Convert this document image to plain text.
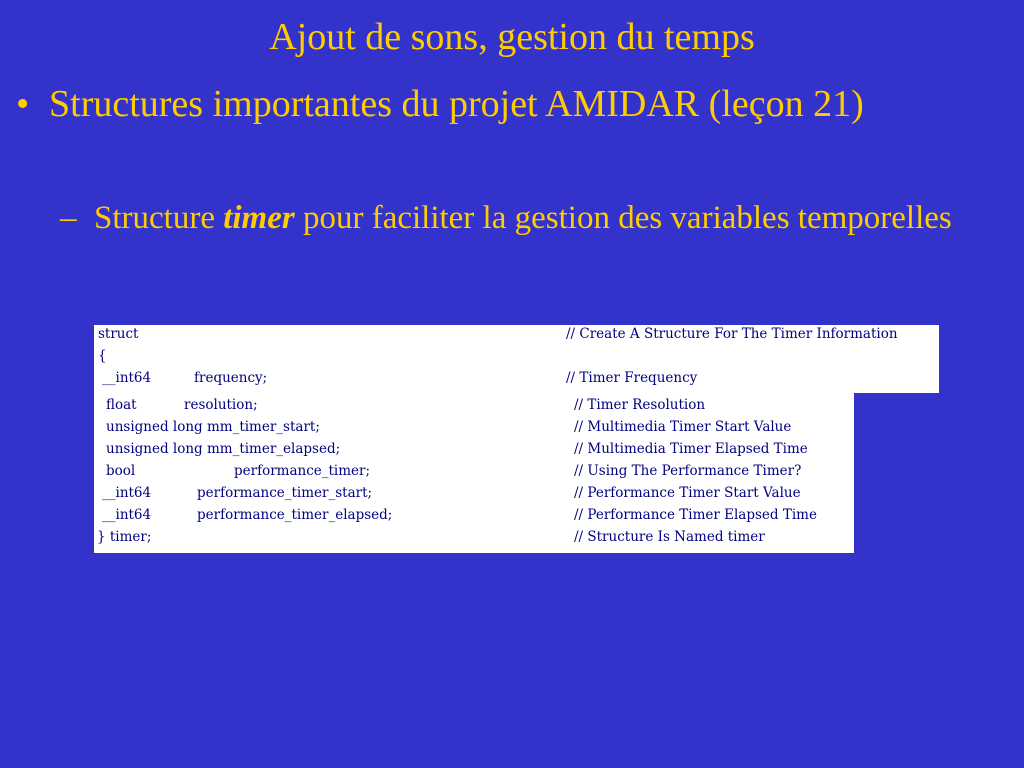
Ajout de sons, gestion du temps
• Structures importantes du projet AMIDAR (leçon 21)
– Structure timer pour faciliter la gestion des variables temporelles
struct	// Create A Structure For The Timer Information
{
__int64	frequency;	// Timer Frequency
float	resolution;	// Timer Resolution
unsigned long mm_timer_start;	// Multimedia Timer Start Value
unsigned long mm_timer_elapsed;	// Multimedia Timer Elapsed Time
bool	performance_timer;	// Using The Performance Timer?
__int64	performance_timer_start;	// Performance Timer Start Value
__int64	performance_timer_elapsed;	// Performance Timer Elapsed Time
} timer;	// Structure Is Named timer
